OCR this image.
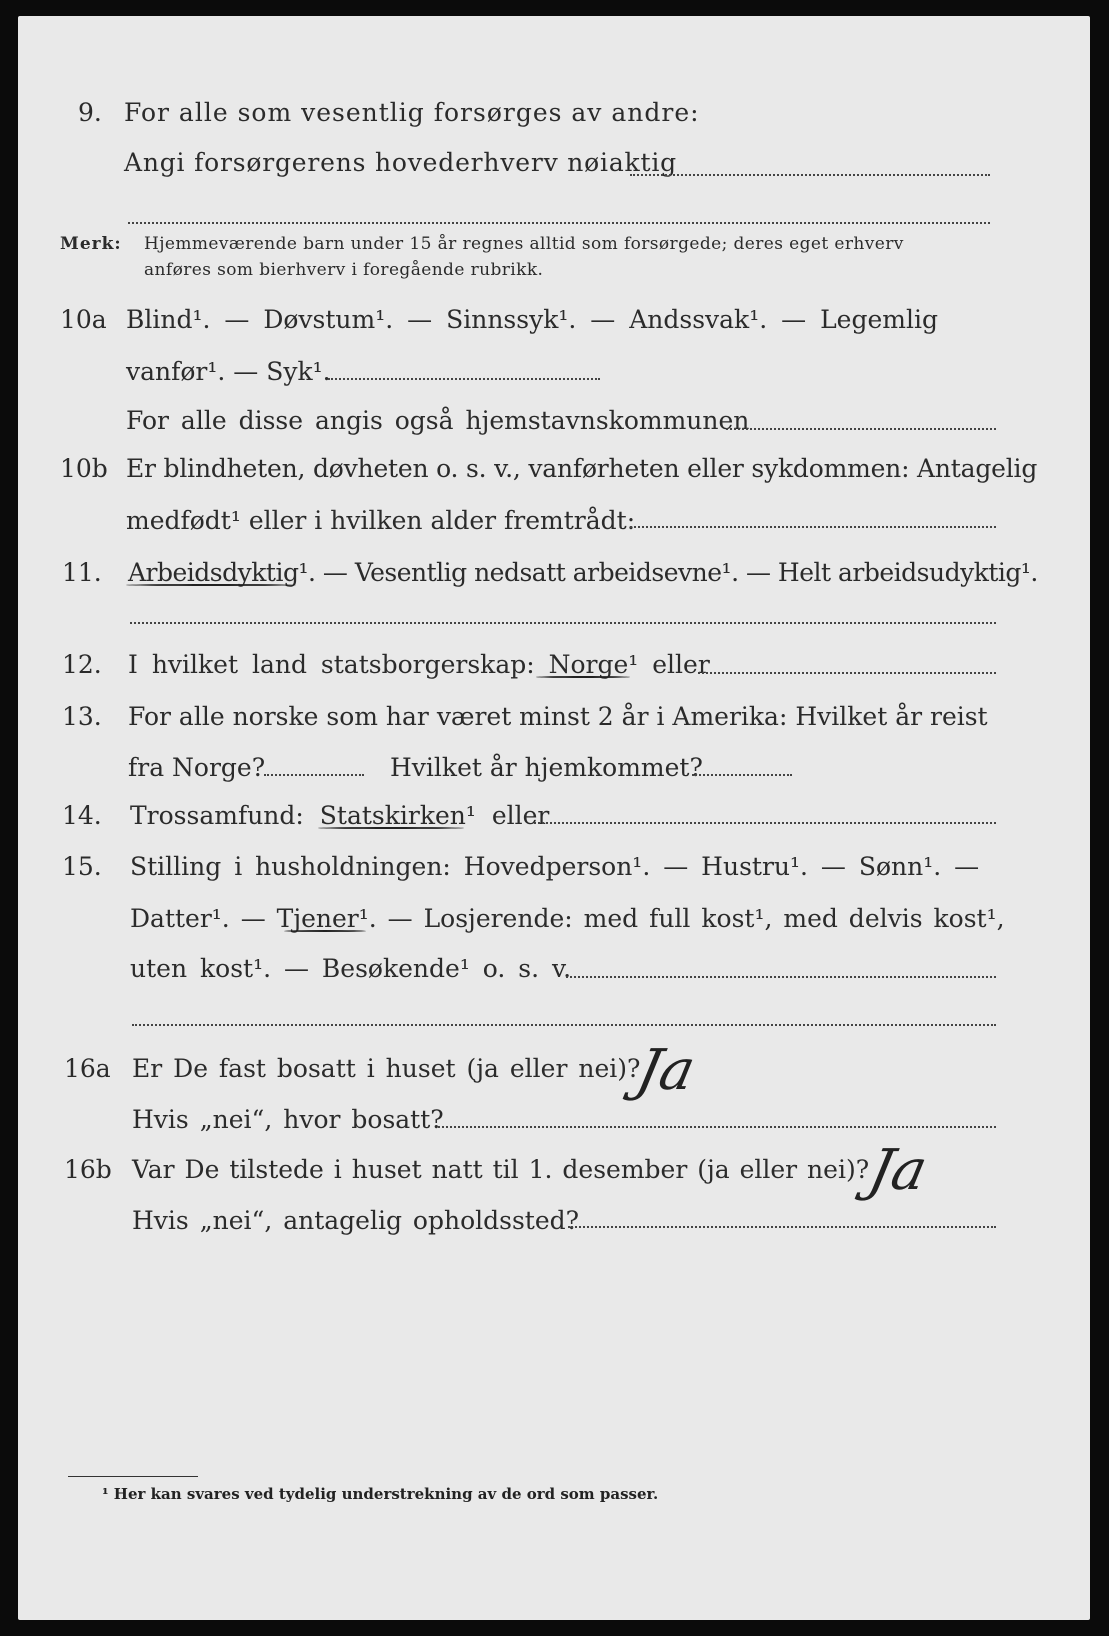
9. For alle som vesentlig forsørges av andre:
Angi forsørgerens hovederhverv nøiaktig
Merk: Hjemmeværende barn under 15 år regnes alltid som forsørgede; deres eget erhverv
anføres som bierhverv i foregående rubrikk.
10a Blind¹. — Døvstum¹. — Sinnssyk¹. — Andssvak¹. — Legemlig
vanfør¹. — Syk¹.
For alle disse angis også hjemstavnskommunen
10b Er blindheten, døvheten o. s. v., vanførheten eller sykdommen: Antagelig
medfødt¹ eller i hvilken alder fremtrådt:
11. Arbeidsdyktig¹. — Vesentlig nedsatt arbeidsevne¹. — Helt arbeidsudyktig¹.
12. I hvilket land statsborgerskap: Norge¹ eller
13. For alle norske som har været minst 2 år i Amerika: Hvilket år reist
fra Norge?	Hvilket år hjemkommet?
14. Trossamfund: Statskirken¹ eller
15. Stilling i husholdningen: Hovedperson¹. — Hustru¹. — Sønn¹. —
Datter¹. — Tjener¹. — Losjerende: med full kost¹, med delvis kost¹,
uten kost¹. — Besøkende¹ o. s. v.
16a Er De fast bosatt i huset (ja eller nei)?
Ja
Hvis „nei“, hvor bosatt?
16b Var De tilstede i huset natt til 1. desember (ja eller nei)?
Ja
Hvis „nei“, antagelig opholdssted?
¹ Her kan svares ved tydelig understrekning av de ord som passer.
